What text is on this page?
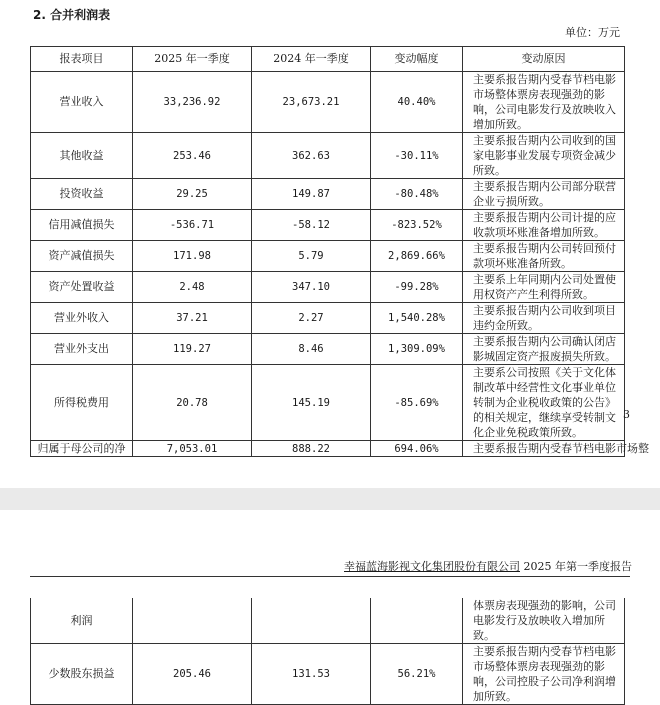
2. 合并利润表
单位：万元
报表项目	2025 年一季度	2024 年一季度	变动幅度	变动原因
营业收入	33,236.92	23,673.21	40.40%	主要系报告期内受春节档电影市场整体票房表现强劲的影响，公司电影发行及放映收入增加所致。
其他收益	253.46	362.63	-30.11%	主要系报告期内公司收到的国家电影事业发展专项资金减少所致。
投资收益	29.25	149.87	-80.48%	主要系报告期内公司部分联营企业亏损所致。
信用减值损失	-536.71	-58.12	-823.52%	主要系报告期内公司计提的应收款项坏账准备增加所致。
资产减值损失	171.98	5.79	2,869.66%	主要系报告期内公司转回预付款项坏账准备所致。
资产处置收益	2.48	347.10	-99.28%	主要系上年同期内公司处置使用权资产产生利得所致。
营业外收入	37.21	2.27	1,540.28%	主要系报告期内公司收到项目违约金所致。
营业外支出	119.27	8.46	1,309.09%	主要系报告期内公司确认闭店影城固定资产报废损失所致。
所得税费用	20.78	145.19	-85.69%	主要系公司按照《关于文化体制改革中经营性文化事业单位转制为企业税收政策的公告》的相关规定，继续享受转制文化企业免税政策所致。
归属于母公司的净	7,053.01	888.22	694.06%	主要系报告期内受春节档电影市场整
3
幸福蓝海影视文化集团股份有限公司 2025 年第一季度报告
利润				体票房表现强劲的影响，公司电影发行及放映收入增加所致。
少数股东损益	205.46	131.53	56.21%	主要系报告期内受春节档电影市场整体票房表现强劲的影响，公司控股子公司净利润增加所致。
